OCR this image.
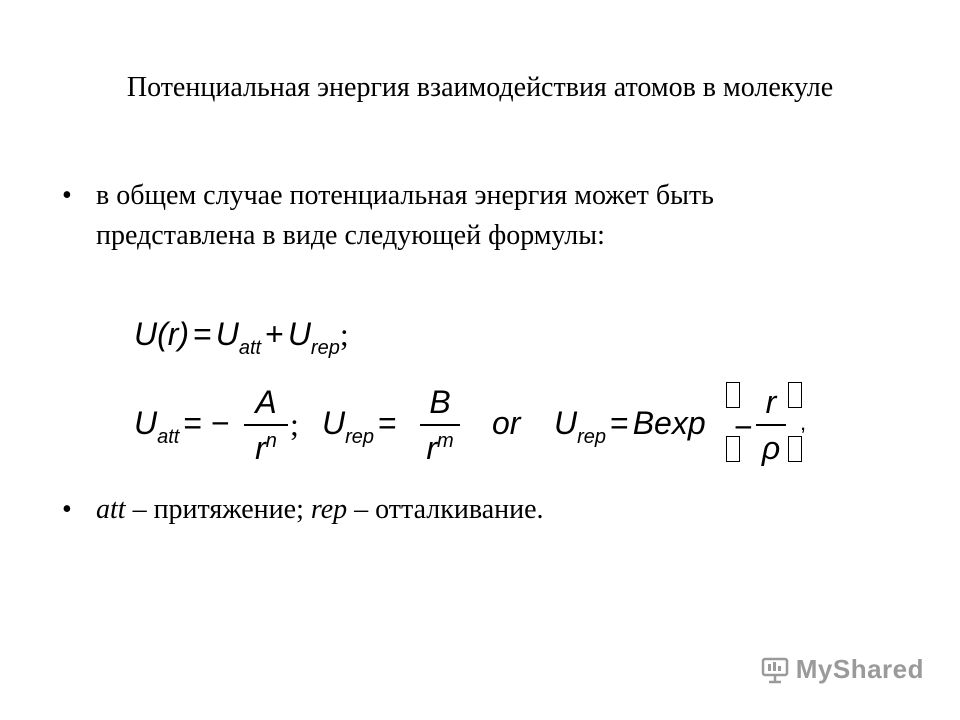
Потенциальная энергия взаимодействия атомов в молекуле
• в общем случае потенциальная энергия может быть
представлена в виде следующей формулы:
U(r) = Uatt + Urep;
Uatt = −
A
$r^n$ ; Urep =
B
$r^m$ or Urep = Bexp −
r
ρ
,
• att – притяжение; rep – отталкивание.
MyShared
